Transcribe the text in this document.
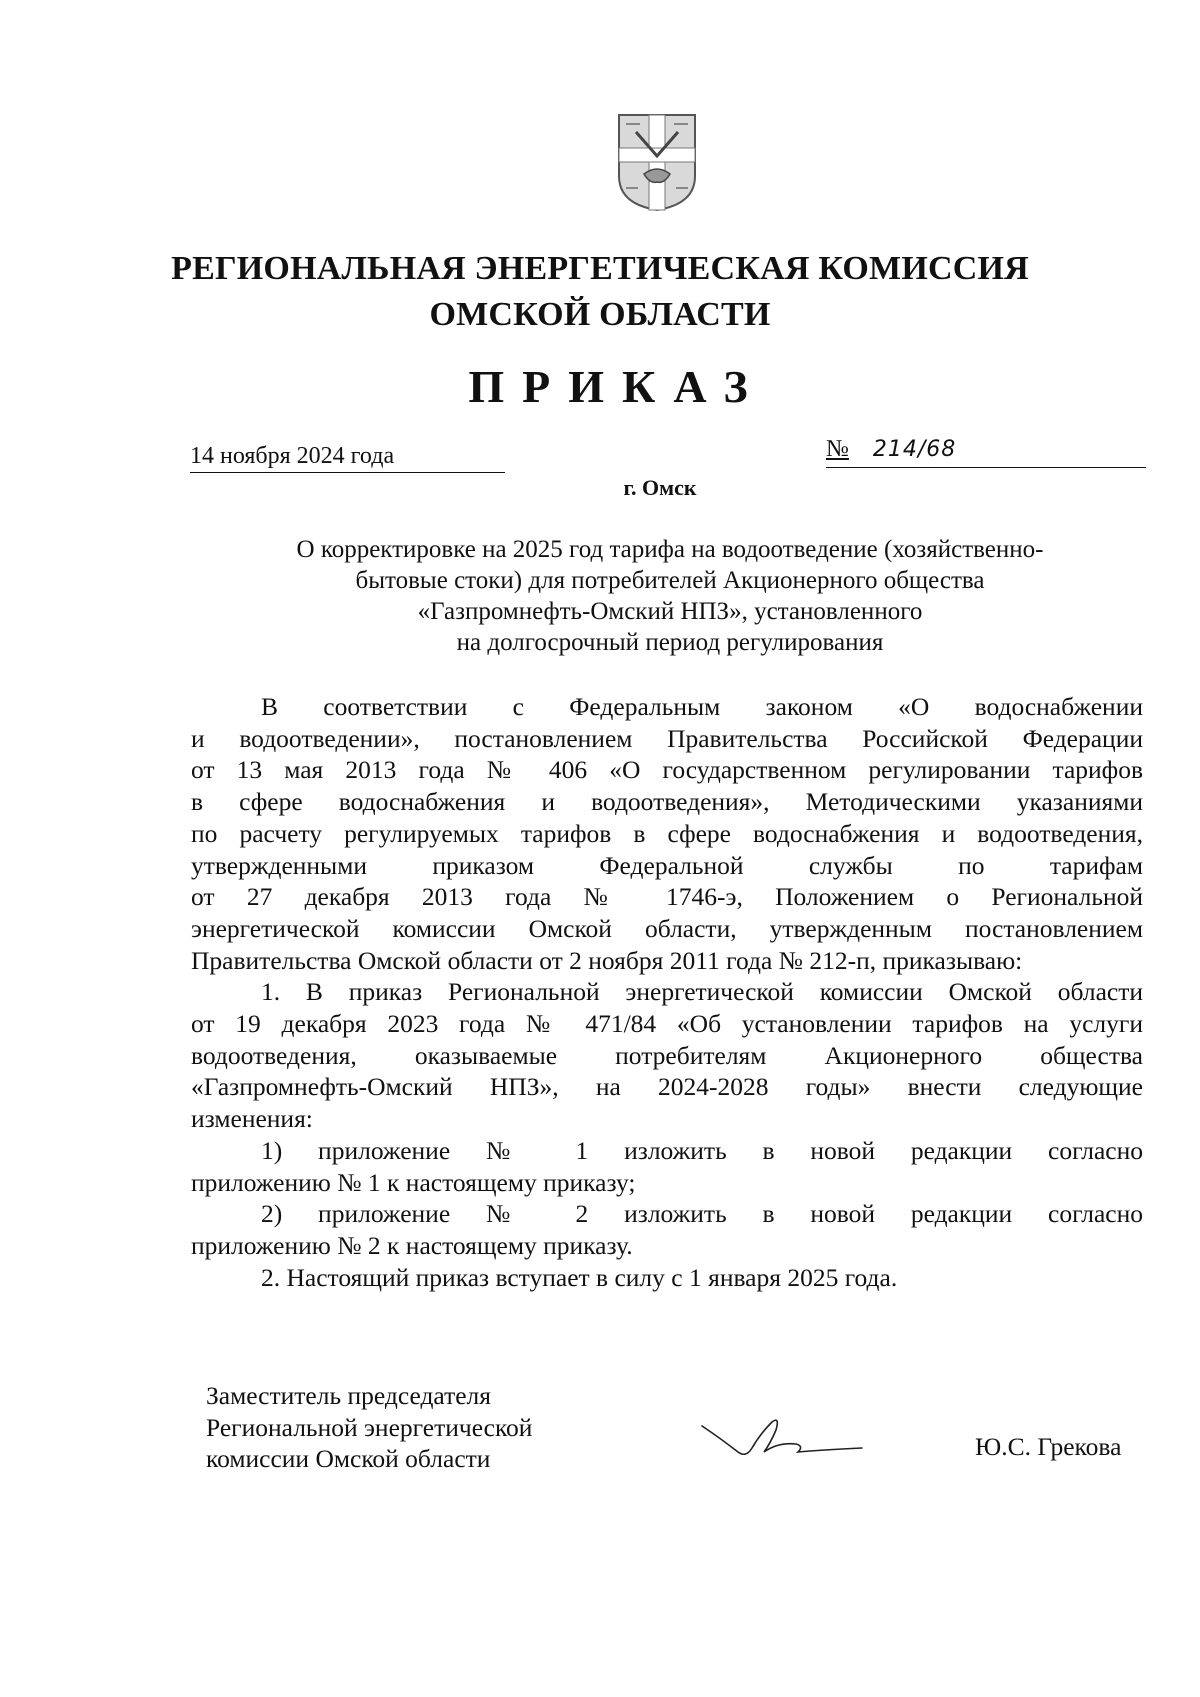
РЕГИОНАЛЬНАЯ ЭНЕРГЕТИЧЕСКАЯ КОМИССИЯ
ОМСКОЙ ОБЛАСТИ
ПРИКАЗ
14 ноября 2024 года	№ 214/68
г. Омск
О корректировке на 2025 год тарифа на водоотведение (хозяйственно-
бытовые стоки) для потребителей Акционерного общества
«Газпромнефть-Омский НПЗ», установленного
на долгосрочный период регулирования
В соответствии с Федеральным законом «О водоснабжении
и водоотведении», постановлением Правительства Российской Федерации
от 13 мая 2013 года № 406 «О государственном регулировании тарифов
в сфере водоснабжения и водоотведения», Методическими указаниями
по расчету регулируемых тарифов в сфере водоснабжения и водоотведения,
утвержденными приказом Федеральной службы по тарифам
от 27 декабря 2013 года № 1746-э, Положением о Региональной
энергетической комиссии Омской области, утвержденным постановлением
Правительства Омской области от 2 ноября 2011 года № 212-п, приказываю:
1. В приказ Региональной энергетической комиссии Омской области
от 19 декабря 2023 года № 471/84 «Об установлении тарифов на услуги
водоотведения, оказываемые потребителям Акционерного общества
«Газпромнефть-Омский НПЗ», на 2024-2028 годы» внести следующие
изменения:
1) приложение № 1 изложить в новой редакции согласно
приложению № 1 к настоящему приказу;
2) приложение № 2 изложить в новой редакции согласно
приложению № 2 к настоящему приказу.
2. Настоящий приказ вступает в силу с 1 января 2025 года.
Заместитель председателя
Региональной энергетической
комиссии Омской области	Ю.С. Грекова
